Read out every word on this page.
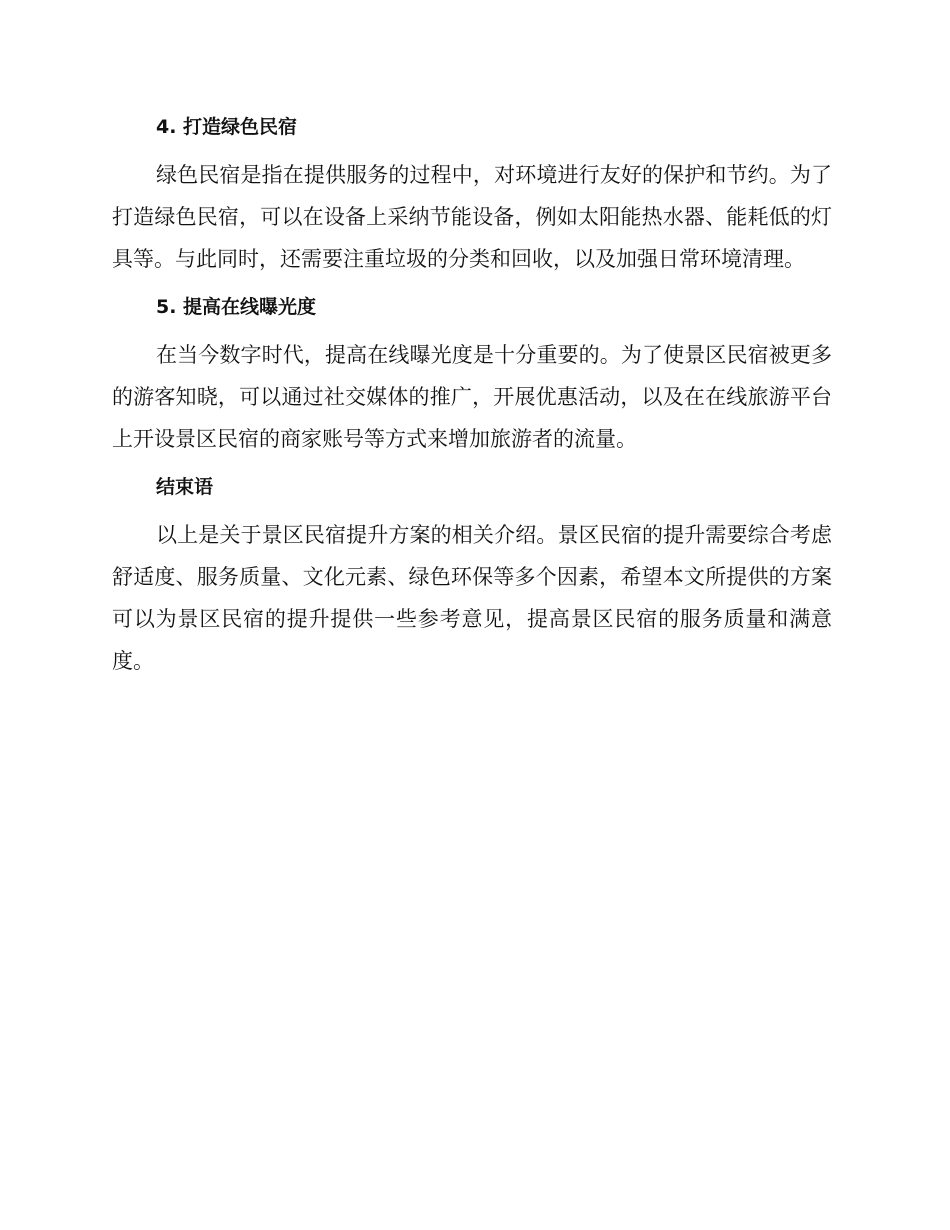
4. 打造绿色民宿

绿色民宿是指在提供服务的过程中，对环境进行友好的保护和节约。为了打造绿色民宿，可以在设备上采纳节能设备，例如太阳能热水器、能耗低的灯具等。与此同时，还需要注重垃圾的分类和回收，以及加强日常环境清理。

5. 提高在线曝光度

在当今数字时代，提高在线曝光度是十分重要的。为了使景区民宿被更多的游客知晓，可以通过社交媒体的推广，开展优惠活动，以及在在线旅游平台上开设景区民宿的商家账号等方式来增加旅游者的流量。

结束语

以上是关于景区民宿提升方案的相关介绍。景区民宿的提升需要综合考虑舒适度、服务质量、文化元素、绿色环保等多个因素，希望本文所提供的方案可以为景区民宿的提升提供一些参考意见，提高景区民宿的服务质量和满意度。
